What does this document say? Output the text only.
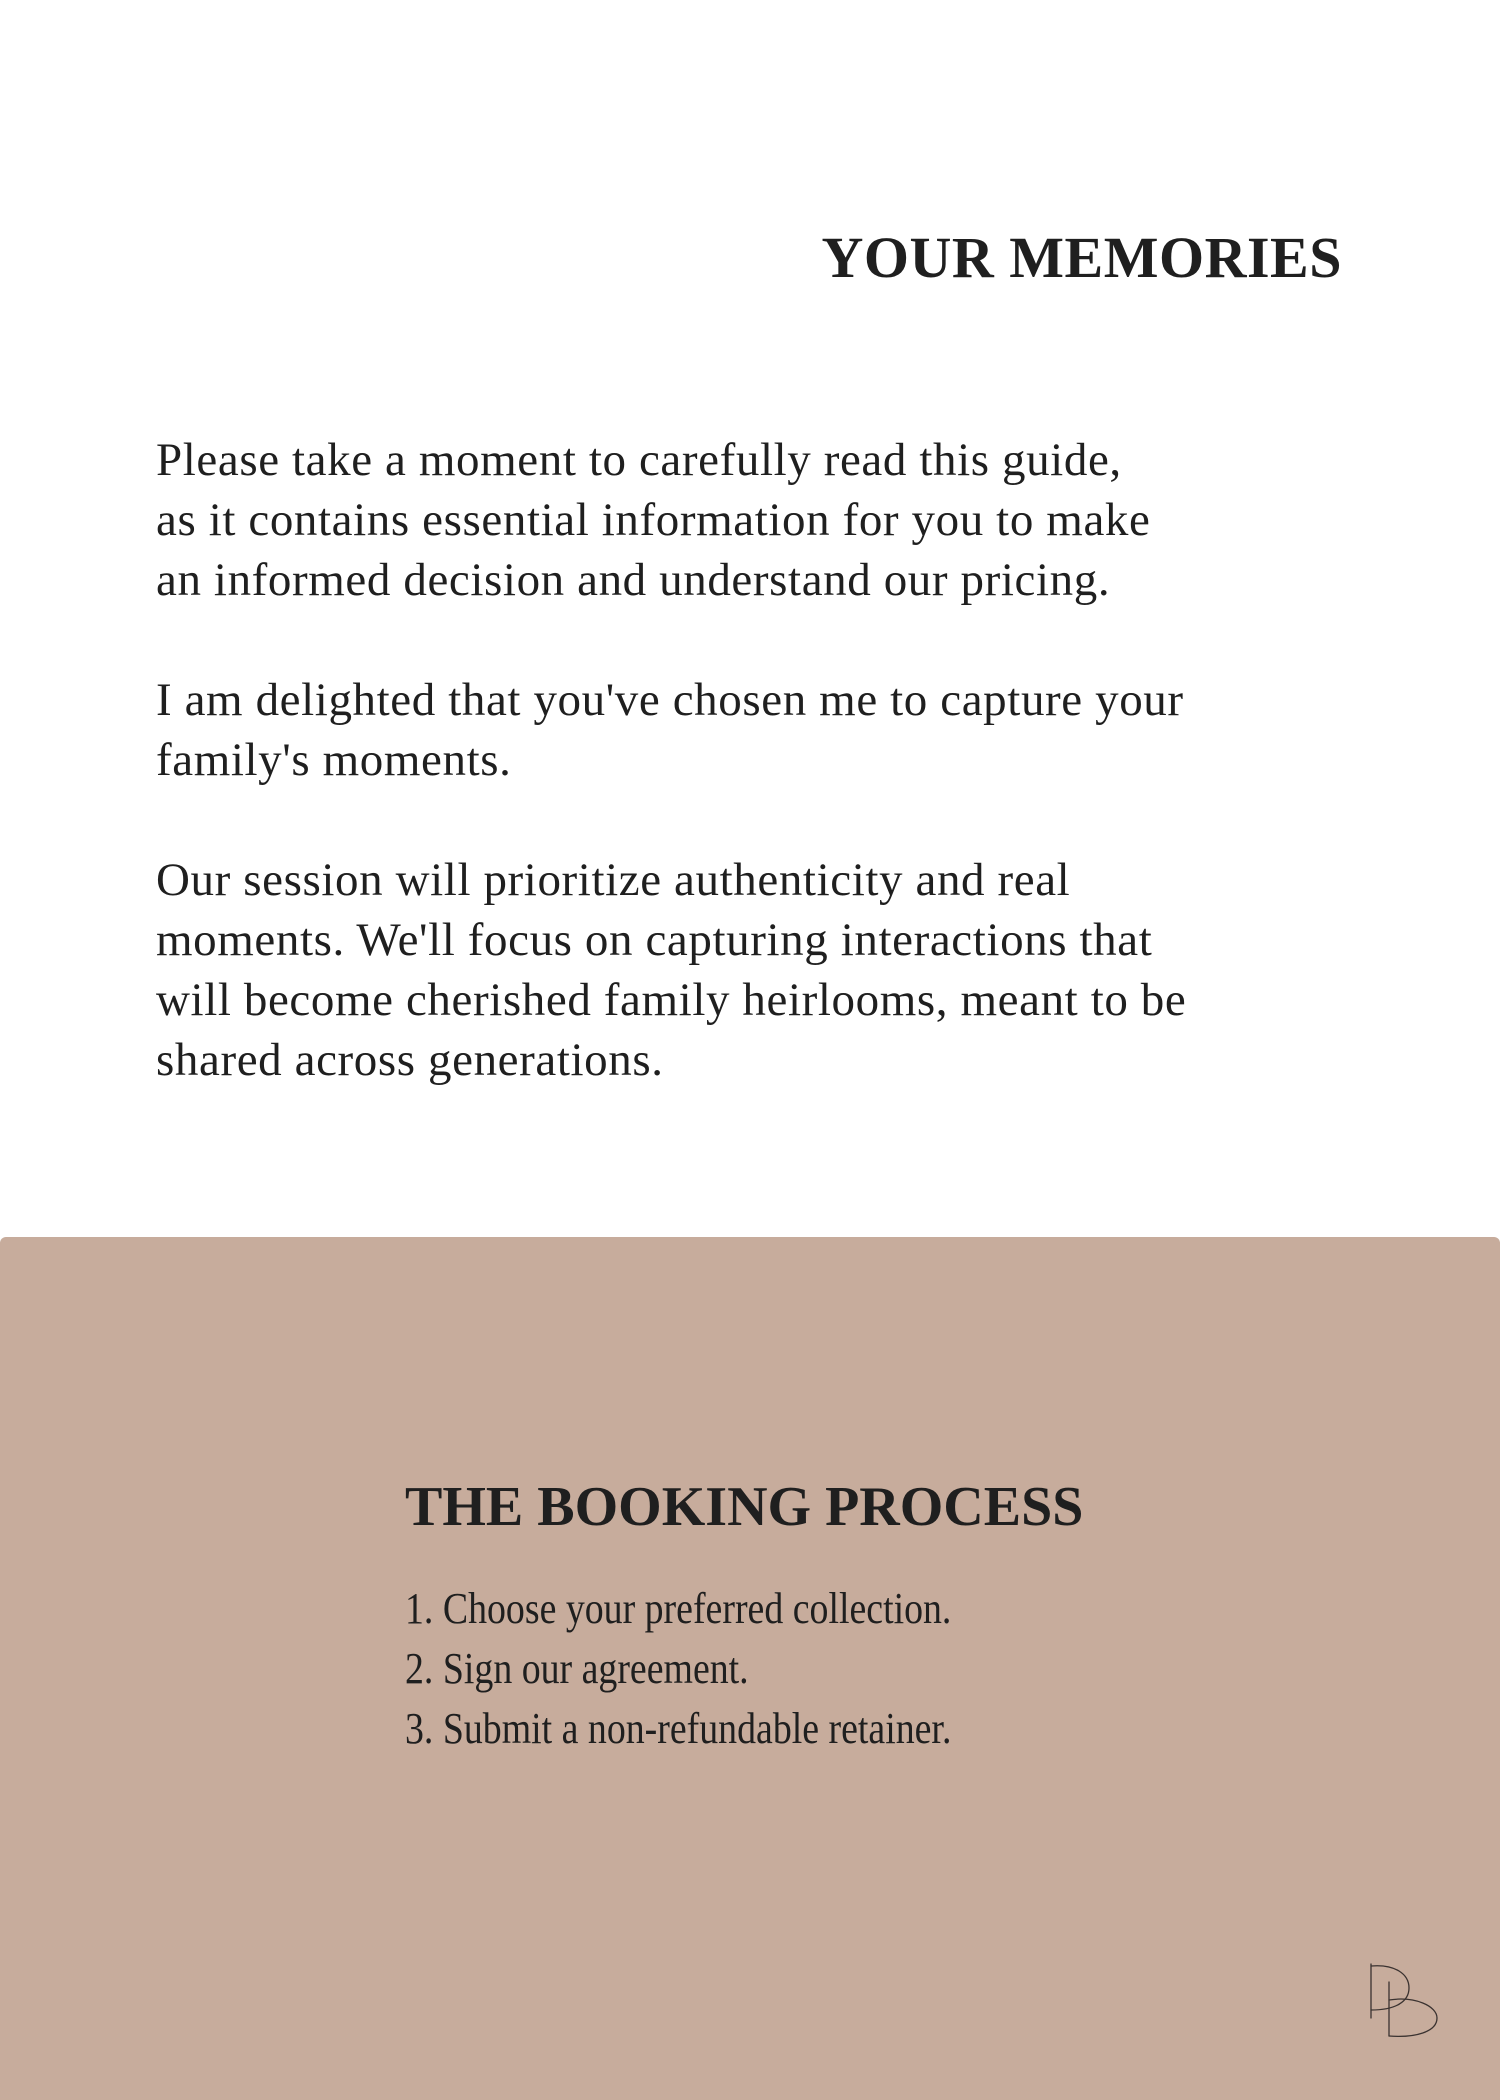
YOUR MEMORIES

Please take a moment to carefully read this guide,
as it contains essential information for you to make
an informed decision and understand our pricing.

I am delighted that you've chosen me to capture your
family's moments.

Our session will prioritize authenticity and real
moments. We'll focus on capturing interactions that
will become cherished family heirlooms, meant to be
shared across generations.

THE BOOKING PROCESS
1. Choose your preferred collection.
2. Sign our agreement.
3. Submit a non-refundable retainer.
